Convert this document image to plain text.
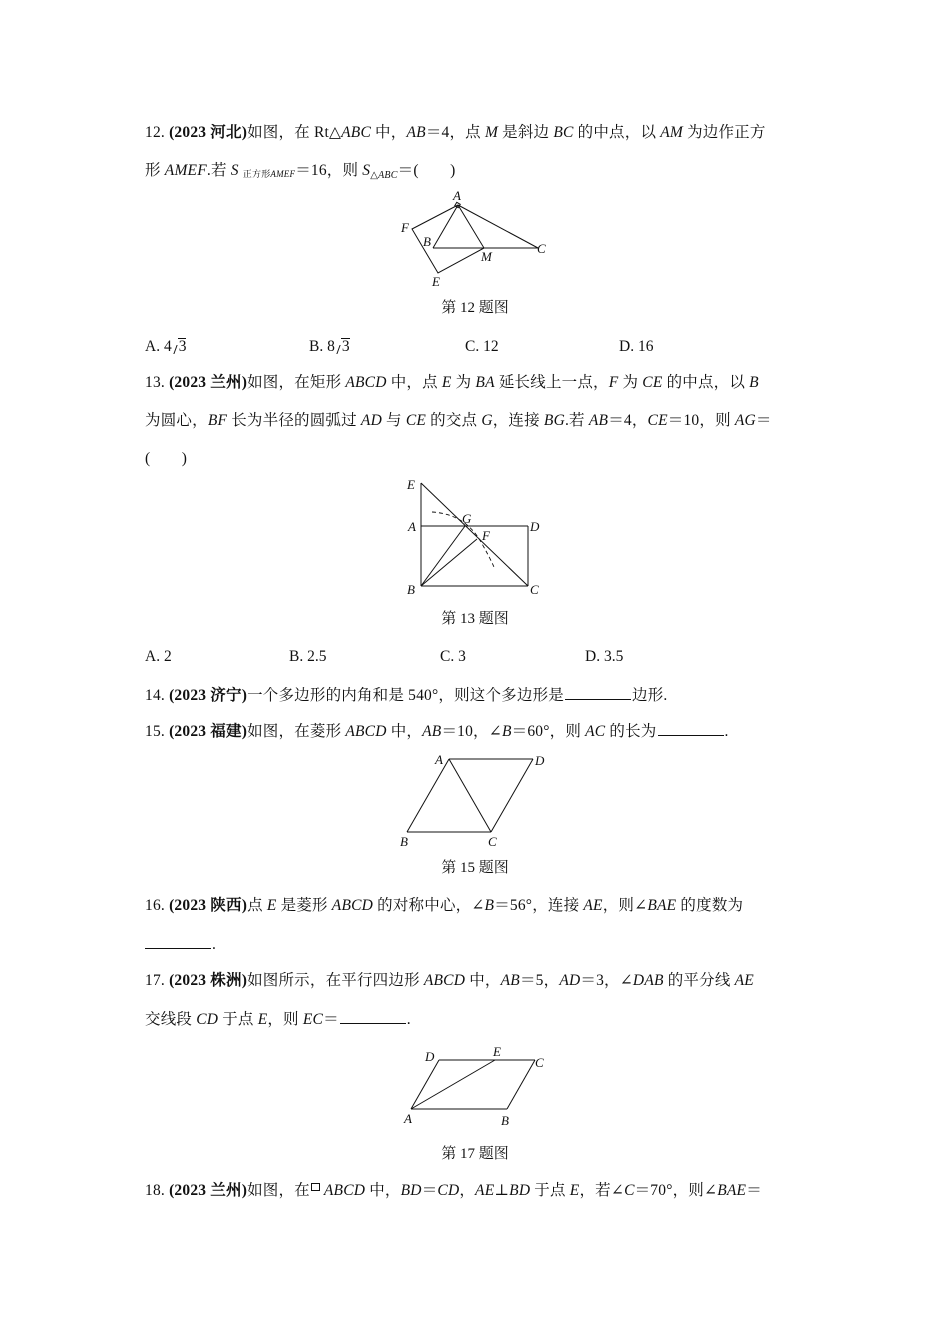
12. (2023 河北)如图，在 Rt△ABC 中，AB＝4，点 M 是斜边 BC 的中点，以 AM 为边作正方
形 AMEF.若 S 正方形AMEF＝16，则 $S_{\triangle ABC}=$(　　)
A
F
B
M
C
E
第 12 题图
A. 4 3	B. 8 3	C. 12	D. 16
13. (2023 兰州)如图，在矩形 ABCD 中，点 E 为 BA 延长线上一点，F 为 CE 的中点，以 B
为圆心，BF 长为半径的圆弧过 AD 与 CE 的交点 G，连接 BG.若 AB＝4，CE＝10，则 AG＝
(　　)
E
A
G
D
F
B	C
第 13 题图
A. 2	B. 2.5	C. 3	D. 3.5
14. (2023 济宁)一个多边形的内角和是 540°，则这个多边形是	边形.
15. (2023 福建)如图，在菱形 ABCD 中，AB＝10，∠B＝60°，则 AC 的长为	.
A	D
B	C
第 15 题图
16. (2023 陕西)点 E 是菱形 ABCD 的对称中心，∠B＝56°，连接 AE，则∠BAE 的度数为
.
17. (2023 株洲)如图所示，在平行四边形 ABCD 中，AB＝5，AD＝3，∠DAB 的平分线 AE
交线段 CD 于点 E，则 EC＝	.
D	E
C
A	B
第 17 题图
18. (2023 兰州)如图，在 ABCD 中，BD＝CD，AE⊥BD 于点 E，若∠C＝70°，则∠BAE＝
